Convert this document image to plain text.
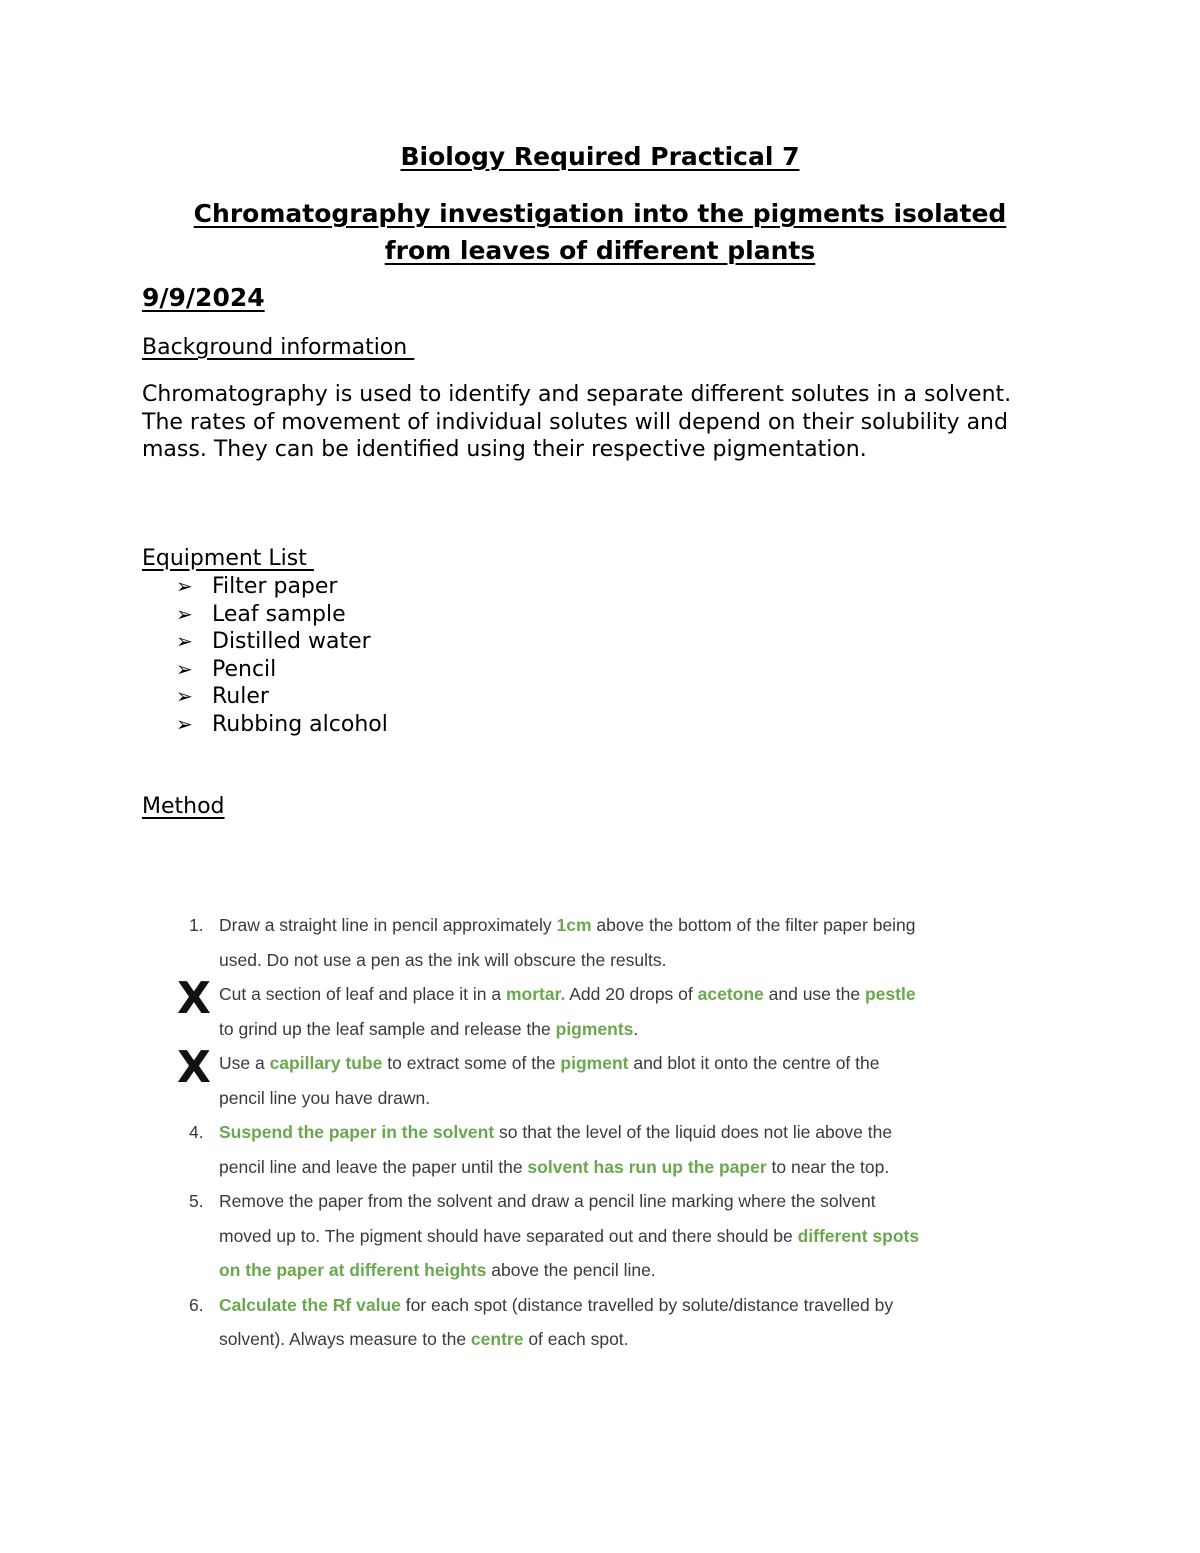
Biology Required Practical 7
Chromatography investigation into the pigments isolated
from leaves of different plants
9/9/2024
Background information
Chromatography is used to identify and separate different solutes in a solvent. The rates of movement of individual solutes will depend on their solubility and mass. They can be identified using their respective pigmentation.
Equipment List
➢ Filter paper
➢ Leaf sample
➢ Distilled water
➢ Pencil
➢ Ruler
➢ Rubbing alcohol
Method
1. Draw a straight line in pencil approximately 1cm above the bottom of the filter paper being used. Do not use a pen as the ink will obscure the results.
X Cut a section of leaf and place it in a mortar. Add 20 drops of acetone and use the pestle to grind up the leaf sample and release the pigments.
X Use a capillary tube to extract some of the pigment and blot it onto the centre of the pencil line you have drawn.
4. Suspend the paper in the solvent so that the level of the liquid does not lie above the pencil line and leave the paper until the solvent has run up the paper to near the top.
5. Remove the paper from the solvent and draw a pencil line marking where the solvent moved up to. The pigment should have separated out and there should be different spots on the paper at different heights above the pencil line.
6. Calculate the Rf value for each spot (distance travelled by solute/distance travelled by solvent). Always measure to the centre of each spot.
